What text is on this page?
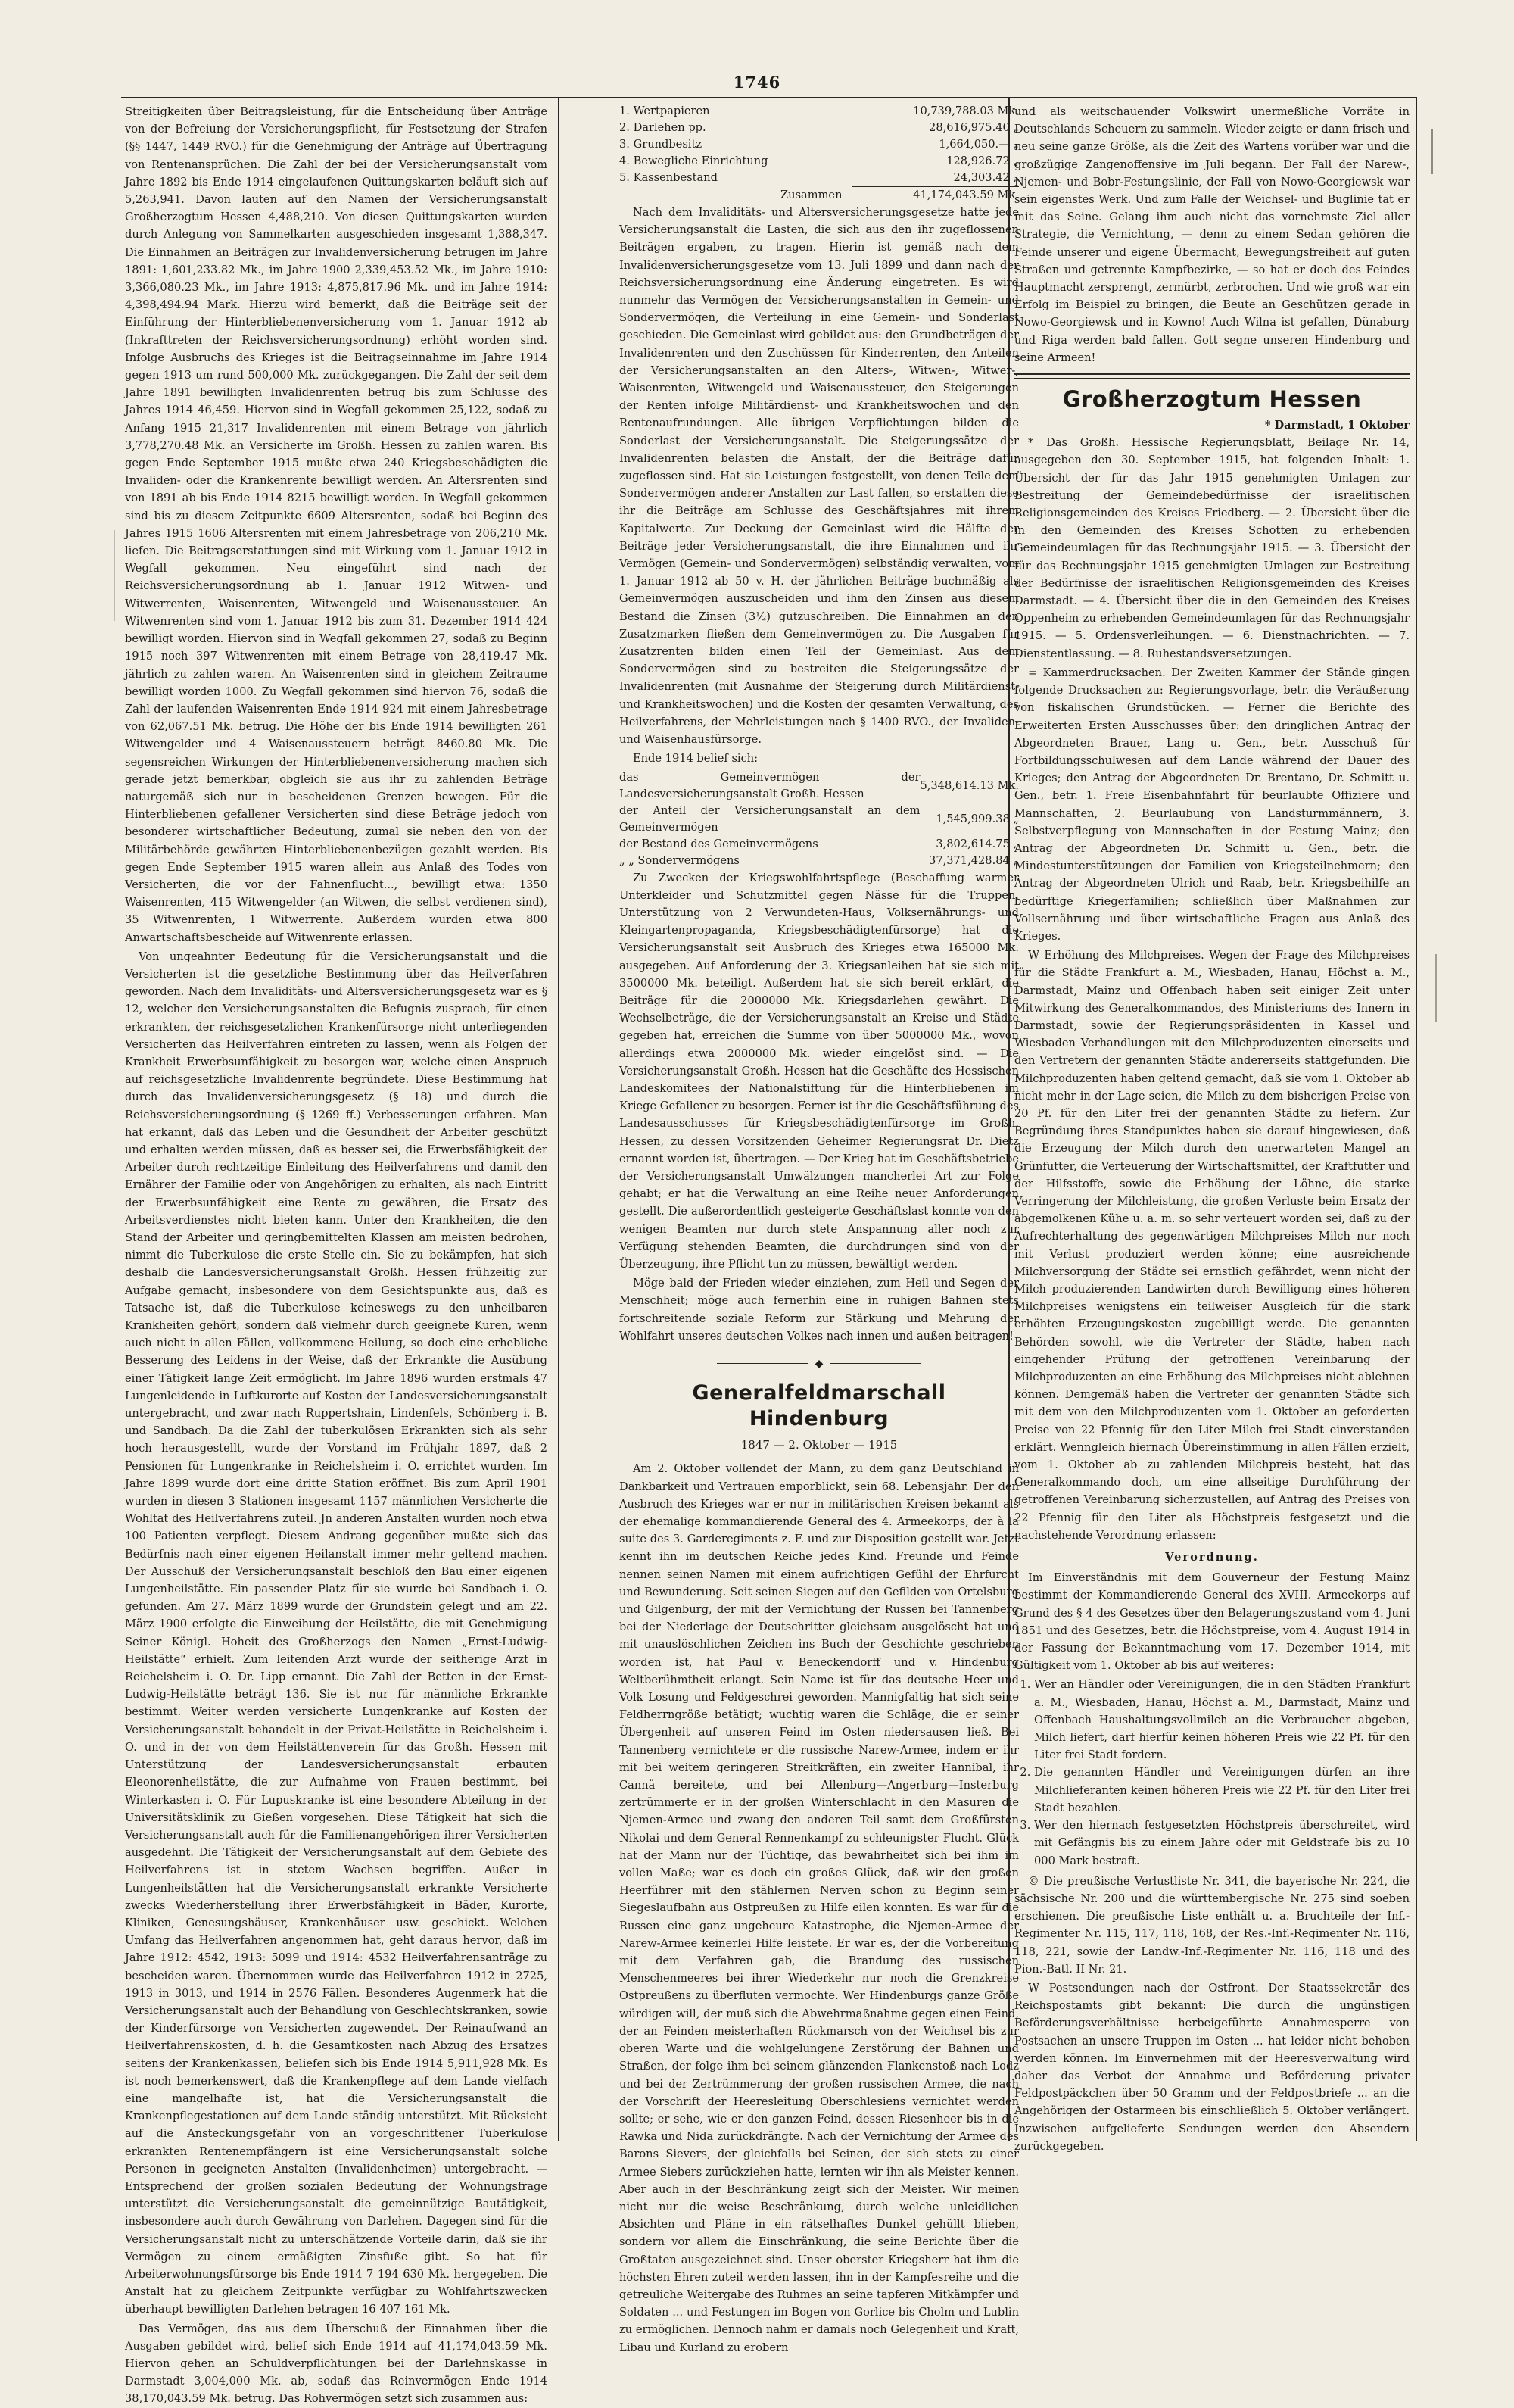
1746

Streitigkeiten über Beitragsleistung, für die Entscheidung über Anträge von der Befreiung der Versicherungspflicht, für Festsetzung der Strafen (§§ 1447, 1449 RVO.) für die Genehmigung der Anträge auf Übertragung von Rentenansprüchen. Die Zahl der bei der Versicherungsanstalt vom Jahre 1892 bis Ende 1914 eingelaufenen Quittungskarten beläuft sich auf 5,263,941. Davon lauten auf den Namen der Versicherungsanstalt Großherzogtum Hessen 4,488,210. Von diesen Quittungskarten wurden durch Anlegung von Sammelkarten ausgeschieden insgesamt 1,388,347. Die Einnahmen an Beiträgen zur Invalidenversicherung betrugen im Jahre 1891: 1,601,233.82 Mk., im Jahre 1900 2,339,453.52 Mk., im Jahre 1910: 3,366,080.23 Mk., im Jahre 1913: 4,875,817.96 Mk. und im Jahre 1914: 4,398,494.94 Mark. Hierzu wird bemerkt, daß die Beiträge seit der Einführung der Hinterbliebenenversicherung vom 1. Januar 1912 ab (Inkrafttreten der Reichsversicherungsordnung) erhöht worden sind. Infolge Ausbruchs des Krieges ist die Beitragseinnahme im Jahre 1914 gegen 1913 um rund 500,000 Mk. zurückgegangen. Die Zahl der seit dem Jahre 1891 bewilligten Invalidenrenten betrug bis zum Schlusse des Jahres 1914 46,459. Hiervon sind in Wegfall gekommen 25,122, sodaß zu Anfang 1915 21,317 Invalidenrenten mit einem Betrage von jährlich 3,778,270.48 Mk. an Versicherte im Großh. Hessen zu zahlen waren. Bis gegen Ende September 1915 mußte etwa 240 Kriegsbeschädigten die Invaliden- oder die Krankenrente bewilligt werden. An Altersrenten sind von 1891 ab bis Ende 1914 8215 bewilligt worden. In Wegfall gekommen sind bis zu diesem Zeitpunkte 6609 Altersrenten, sodaß bei Beginn des Jahres 1915 1606 Altersrenten mit einem Jahresbetrage von 206,210 Mk. liefen. Die Beitragserstattungen sind mit Wirkung vom 1. Januar 1912 in Wegfall gekommen. Neu eingeführt sind nach der Reichsversicherungsordnung ab 1. Januar 1912 Witwen- und Witwerrenten, Waisenrenten, Witwengeld und Waisenaussteuer. An Witwenrenten sind vom 1. Januar 1912 bis zum 31. Dezember 1914 424 bewilligt worden. Hiervon sind in Wegfall gekommen 27, sodaß zu Beginn 1915 noch 397 Witwenrenten mit einem Betrage von 28,419.47 Mk. jährlich zu zahlen waren. An Waisenrenten sind in gleichem Zeitraume bewilligt worden 1000. Zu Wegfall gekommen sind hiervon 76, sodaß die Zahl der laufenden Waisenrenten Ende 1914 924 mit einem Jahresbetrage von 62,067.51 Mk. betrug. Die Höhe der bis Ende 1914 bewilligten 261 Witwengelder und 4 Waisenaussteuern beträgt 8460.80 Mk. Die segensreichen Wirkungen der Hinterbliebenenversicherung machen sich gerade jetzt bemerkbar, obgleich sie aus ihr zu zahlenden Beträge naturgemäß sich nur in bescheidenen Grenzen bewegen. Für die Hinterbliebenen gefallener Versicherten sind diese Beträge jedoch von besonderer wirtschaftlicher Bedeutung, zumal sie neben den von der Militärbehörde gewährten Hinterbliebenenbezügen gezahlt werden. Bis gegen Ende September 1915 waren allein aus Anlaß des Todes von Versicherten, die vor der Fahnenflucht..., bewilligt etwa: 1350 Waisenrenten, 415 Witwengelder (an Witwen, die selbst verdienen sind), 35 Witwenrenten, 1 Witwerrente. Außerdem wurden etwa 800 Anwartschaftsbescheide auf Witwenrente erlassen.

Von ungeahnter Bedeutung für die Versicherungsanstalt und die Versicherten ist die gesetzliche Bestimmung über das Heilverfahren geworden. Nach dem Invaliditäts- und Altersversicherungsgesetz war es § 12, welcher den Versicherungsanstalten die Befugnis zusprach, für einen erkrankten, der reichsgesetzlichen Krankenfürsorge nicht unterliegenden Versicherten das Heilverfahren eintreten zu lassen, wenn als Folgen der Krankheit Erwerbsunfähigkeit zu besorgen war, welche einen Anspruch auf reichsgesetzliche Invalidenrente begründete. Diese Bestimmung hat durch das Invalidenversicherungsgesetz (§ 18) und durch die Reichsversicherungsordnung (§ 1269 ff.) Verbesserungen erfahren. Man hat erkannt, daß das Leben und die Gesundheit der Arbeiter geschützt und erhalten werden müssen, daß es besser sei, die Erwerbsfähigkeit der Arbeiter durch rechtzeitige Einleitung des Heilverfahrens und damit den Ernährer der Familie oder von Angehörigen zu erhalten, als nach Eintritt der Erwerbsunfähigkeit eine Rente zu gewähren, die Ersatz des Arbeitsverdienstes nicht bieten kann. Unter den Krankheiten, die den Stand der Arbeiter und geringbemittelten Klassen am meisten bedrohen, nimmt die Tuberkulose die erste Stelle ein. Sie zu bekämpfen, hat sich deshalb die Landesversicherungsanstalt Großh. Hessen frühzeitig zur Aufgabe gemacht, insbesondere von dem Gesichtspunkte aus, daß es Tatsache ist, daß die Tuberkulose keineswegs zu den unheilbaren Krankheiten gehört, sondern daß vielmehr durch geeignete Kuren, wenn auch nicht in allen Fällen, vollkommene Heilung, so doch eine erhebliche Besserung des Leidens in der Weise, daß der Erkrankte die Ausübung einer Tätigkeit lange Zeit ermöglicht. Im Jahre 1896 wurden erstmals 47 Lungenleidende in Luftkurorte auf Kosten der Landesversicherungsanstalt untergebracht, und zwar nach Ruppertshain, Lindenfels, Schönberg i. B. und Sandbach. Da die Zahl der tuberkulösen Erkrankten sich als sehr hoch herausgestellt, wurde der Vorstand im Frühjahr 1897, daß 2 Pensionen für Lungenkranke in Reichelsheim i. O. errichtet wurden. Im Jahre 1899 wurde dort eine dritte Station eröffnet. Bis zum April 1901 wurden in diesen 3 Stationen insgesamt 1157 männlichen Versicherte die Wohltat des Heilverfahrens zuteil. Jn anderen Anstalten wurden noch etwa 100 Patienten verpflegt. Diesem Andrang gegenüber mußte sich das Bedürfnis nach einer eigenen Heilanstalt immer mehr geltend machen. Der Ausschuß der Versicherungsanstalt beschloß den Bau einer eigenen Lungenheilstätte. Ein passender Platz für sie wurde bei Sandbach i. O. gefunden. Am 27. März 1899 wurde der Grundstein gelegt und am 22. März 1900 erfolgte die Einweihung der Heilstätte, die mit Genehmigung Seiner Königl. Hoheit des Großherzogs den Namen „Ernst-Ludwig-Heilstätte“ erhielt. Zum leitenden Arzt wurde der seitherige Arzt in Reichelsheim i. O. Dr. Lipp ernannt. Die Zahl der Betten in der Ernst-Ludwig-Heilstätte beträgt 136. Sie ist nur für männliche Erkrankte bestimmt. Weiter werden versicherte Lungenkranke auf Kosten der Versicherungsanstalt behandelt in der Privat-Heilstätte in Reichelsheim i. O. und in der von dem Heilstättenverein für das Großh. Hessen mit Unterstützung der Landesversicherungsanstalt erbauten Eleonorenheilstätte, die zur Aufnahme von Frauen bestimmt, bei Winterkasten i. O. Für Lupuskranke ist eine besondere Abteilung in der Universitätsklinik zu Gießen vorgesehen. Diese Tätigkeit hat sich die Versicherungsanstalt auch für die Familienangehörigen ihrer Versicherten ausgedehnt. Die Tätigkeit der Versicherungsanstalt auf dem Gebiete des Heilverfahrens ist in stetem Wachsen begriffen. Außer in Lungenheilstätten hat die Versicherungsanstalt erkrankte Versicherte zwecks Wiederherstellung ihrer Erwerbsfähigkeit in Bäder, Kurorte, Kliniken, Genesungshäuser, Krankenhäuser usw. geschickt. Welchen Umfang das Heilverfahren angenommen hat, geht daraus hervor, daß im Jahre 1912: 4542, 1913: 5099 und 1914: 4532 Heilverfahrensanträge zu bescheiden waren. Übernommen wurde das Heilverfahren 1912 in 2725, 1913 in 3013, und 1914 in 2576 Fällen. Besonderes Augenmerk hat die Versicherungsanstalt auch der Behandlung von Geschlechtskranken, sowie der Kinderfürsorge von Versicherten zugewendet. Der Reinaufwand an Heilverfahrenskosten, d. h. die Gesamtkosten nach Abzug des Ersatzes seitens der Krankenkassen, beliefen sich bis Ende 1914 5,911,928 Mk. Es ist noch bemerkenswert, daß die Krankenpflege auf dem Lande vielfach eine mangelhafte ist, hat die Versicherungsanstalt die Krankenpflegestationen auf dem Lande ständig unterstützt. Mit Rücksicht auf die Ansteckungsgefahr von an vorgeschrittener Tuberkulose erkrankten Rentenempfängern ist eine Versicherungsanstalt solche Personen in geeigneten Anstalten (Invalidenheimen) untergebracht. — Entsprechend der großen sozialen Bedeutung der Wohnungsfrage unterstützt die Versicherungsanstalt die gemeinnützige Bautätigkeit, insbesondere auch durch Gewährung von Darlehen. Dagegen sind für die Versicherungsanstalt nicht zu unterschätzende Vorteile darin, daß sie ihr Vermögen zu einem ermäßigten Zinsfuße gibt. So hat für Arbeiterwohnungsfürsorge bis Ende 1914 7 194 630 Mk. hergegeben. Die Anstalt hat zu gleichem Zeitpunkte verfügbar zu Wohlfahrtszwecken überhaupt bewilligten Darlehen betragen 16 407 161 Mk.

Das Vermögen, das aus dem Überschuß der Einnahmen über die Ausgaben gebildet wird, belief sich Ende 1914 auf 41,174,043.59 Mk. Hiervon gehen an Schuldverpflichtungen bei der Darlehnskasse in Darmstadt 3,004,000 Mk. ab, sodaß das Reinvermögen Ende 1914 38,170,043.59 Mk. betrug. Das Rohvermögen setzt sich zusammen aus:

1. Wertpapieren	10,739,788.03 Mk.
2. Darlehen pp.	28,616,975.40 „
3. Grundbesitz	1,664,050.— „
4. Bewegliche Einrichtung	128,926.72 „
5. Kassenbestand	24,303.42 „
Zusammen	41,174,043.59 Mk.

Nach dem Invaliditäts- und Altersversicherungsgesetze hatte jede Versicherungsanstalt die Lasten, die sich aus den ihr zugeflossenen Beiträgen ergaben, zu tragen. Hierin ist gemäß nach dem Invalidenversicherungsgesetze vom 13. Juli 1899 und dann nach der Reichsversicherungsordnung eine Änderung eingetreten. Es wird nunmehr das Vermögen der Versicherungsanstalten in Gemein- und Sondervermögen, die Verteilung in eine Gemein- und Sonderlast geschieden. Die Gemeinlast wird gebildet aus: den Grundbeträgen der Invalidenrenten und den Zuschüssen für Kinderrenten, den Anteilen der Versicherungsanstalten an den Alters-, Witwen-, Witwer-, Waisenrenten, Witwengeld und Waisenaussteuer, den Steigerungen der Renten infolge Militärdienst- und Krankheitswochen und den Rentenaufrundungen. Alle übrigen Verpflichtungen bilden die Sonderlast der Versicherungsanstalt. Die Steigerungssätze der Invalidenrenten belasten die Anstalt, der die Beiträge dafür zugeflossen sind. Hat sie Leistungen festgestellt, von denen Teile dem Sondervermögen anderer Anstalten zur Last fallen, so erstatten diese ihr die Beiträge am Schlusse des Geschäftsjahres mit ihrem Kapitalwerte. Zur Deckung der Gemeinlast wird die Hälfte der Beiträge jeder Versicherungsanstalt, die ihre Einnahmen und ihr Vermögen (Gemein- und Sondervermögen) selbständig verwalten, vom 1. Januar 1912 ab 50 v. H. der jährlichen Beiträge buchmäßig als Gemeinvermögen auszuscheiden und ihm den Zinsen aus diesem Bestand die Zinsen (3½) gutzuschreiben. Die Einnahmen an den Zusatzmarken fließen dem Gemeinvermögen zu. Die Ausgaben für Zusatzrenten bilden einen Teil der Gemeinlast. Aus dem Sondervermögen sind zu bestreiten die Steigerungssätze der Invalidenrenten (mit Ausnahme der Steigerung durch Militärdienst- und Krankheitswochen) und die Kosten der gesamten Verwaltung, des Heilverfahrens, der Mehrleistungen nach § 1400 RVO., der Invaliden- und Waisenhausfürsorge.

Ende 1914 belief sich:

das Gemeinvermögen der Landesversicherungsanstalt Großh. Hessen	5,348,614.13 Mk.
der Anteil der Versicherungsanstalt an dem Gemeinvermögen	1,545,999.38 „
der Bestand des Gemeinvermögens	3,802,614.75 „
„ „ Sondervermögens	37,371,428.84 „

Zu Zwecken der Kriegswohlfahrtspflege (Beschaffung warmer Unterkleider und Schutzmittel gegen Nässe für die Truppen, Unterstützung von 2 Verwundeten-Haus, Volksernährungs- und Kleingartenpropaganda, Kriegsbeschädigtenfürsorge) hat die Versicherungsanstalt seit Ausbruch des Krieges etwa 165000 Mk. ausgegeben. Auf Anforderung der 3. Kriegsanleihen hat sie sich mit 3500000 Mk. beteiligt. Außerdem hat sie sich bereit erklärt, die Beiträge für die 2000000 Mk. Kriegsdarlehen gewährt. Die Wechselbeträge, die der Versicherungsanstalt an Kreise und Städte gegeben hat, erreichen die Summe von über 5000000 Mk., wovon allerdings etwa 2000000 Mk. wieder eingelöst sind. — Die Versicherungsanstalt Großh. Hessen hat die Geschäfte des Hessischen Landeskomitees der Nationalstiftung für die Hinterbliebenen im Kriege Gefallener zu besorgen. Ferner ist ihr die Geschäftsführung des Landesausschusses für Kriegsbeschädigtenfürsorge im Großh. Hessen, zu dessen Vorsitzenden Geheimer Regierungsrat Dr. Dietz ernannt worden ist, übertragen. — Der Krieg hat im Geschäftsbetriebe der Versicherungsanstalt Umwälzungen mancherlei Art zur Folge gehabt; er hat die Verwaltung an eine Reihe neuer Anforderungen gestellt. Die außerordentlich gesteigerte Geschäftslast konnte von den wenigen Beamten nur durch stete Anspannung aller noch zur Verfügung stehenden Beamten, die durchdrungen sind von der Überzeugung, ihre Pflicht tun zu müssen, bewältigt werden.

Möge bald der Frieden wieder einziehen, zum Heil und Segen der Menschheit; möge auch fernerhin eine in ruhigen Bahnen stets fortschreitende soziale Reform zur Stärkung und Mehrung der Wohlfahrt unseres deutschen Volkes nach innen und außen beitragen!

◆
Generalfeldmarschall Hindenburg
1847 — 2. Oktober — 1915

Am 2. Oktober vollendet der Mann, zu dem ganz Deutschland in Dankbarkeit und Vertrauen emporblickt, sein 68. Lebensjahr. Der den Ausbruch des Krieges war er nur in militärischen Kreisen bekannt als der ehemalige kommandierende General des 4. Armeekorps, der à la suite des 3. Garderegiments z. F. und zur Disposition gestellt war. Jetzt kennt ihn im deutschen Reiche jedes Kind. Freunde und Feinde nennen seinen Namen mit einem aufrichtigen Gefühl der Ehrfurcht und Bewunderung. Seit seinen Siegen auf den Gefilden von Ortelsburg und Gilgenburg, der mit der Vernichtung der Russen bei Tannenberg bei der Niederlage der Deutschritter gleichsam ausgelöscht hat und mit unauslöschlichen Zeichen ins Buch der Geschichte geschrieben worden ist, hat Paul v. Beneckendorff und v. Hindenburg Weltberühmtheit erlangt. Sein Name ist für das deutsche Heer und Volk Losung und Feldgeschrei geworden. Mannigfaltig hat sich seine Feldherrngröße betätigt; wuchtig waren die Schläge, die er seiner Übergenheit auf unseren Feind im Osten niedersausen ließ. Bei Tannenberg vernichtete er die russische Narew-Armee, indem er ihr mit bei weitem geringeren Streitkräften, ein zweiter Hannibal, ihr Cannä bereitete, und bei Allenburg—Angerburg—Insterburg zertrümmerte er in der großen Winterschlacht in den Masuren die Njemen-Armee und zwang den anderen Teil samt dem Großfürsten Nikolai und dem General Rennenkampf zu schleunigster Flucht. Glück hat der Mann nur der Tüchtige, das bewahrheitet sich bei ihm im vollen Maße; war es doch ein großes Glück, daß wir den großen Heerführer mit den stählernen Nerven schon zu Beginn seiner Siegeslaufbahn aus Ostpreußen zu Hilfe eilen konnten. Es war für die Russen eine ganz ungeheure Katastrophe, die Njemen-Armee der Narew-Armee keinerlei Hilfe leistete. Er war es, der die Vorbereitung mit dem Verfahren gab, die Brandung des russischen Menschenmeeres bei ihrer Wiederkehr nur noch die Grenzkreise Ostpreußens zu überfluten vermochte. Wer Hindenburgs ganze Größe würdigen will, der muß sich die Abwehrmaßnahme gegen einen Feind, der an Feinden meisterhaften Rückmarsch von der Weichsel bis zur oberen Warte und die wohlgelungene Zerstörung der Bahnen und Straßen, der folge ihm bei seinem glänzenden Flankenstoß nach Lodz und bei der Zertrümmerung der großen russischen Armee, die nach der Vorschrift der Heeresleitung Oberschlesiens vernichtet werden sollte; er sehe, wie er den ganzen Feind, dessen Riesenheer bis in die Rawka und Nida zurückdrängte. Nach der Vernichtung der Armee des Barons Sievers, der gleichfalls bei Seinen, der sich stets zu einer Armee Siebers zurückziehen hatte, lernten wir ihn als Meister kennen. Aber auch in der Beschränkung zeigt sich der Meister. Wir meinen nicht nur die weise Beschränkung, durch welche unleidlichen Absichten und Pläne in ein rätselhaftes Dunkel gehüllt blieben, sondern vor allem die Einschränkung, die seine Berichte über die Großtaten ausgezeichnet sind. Unser oberster Kriegsherr hat ihm die höchsten Ehren zuteil werden lassen, ihn in der Kampfesreihe und die getreuliche Weitergabe des Ruhmes an seine tapferen Mitkämpfer und Soldaten ... und Festungen im Bogen von Gorlice bis Cholm und Lublin zu ermöglichen. Dennoch nahm er damals noch Gelegenheit und Kraft, Libau und Kurland zu erobern

und als weitschauender Volkswirt unermeßliche Vorräte in Deutschlands Scheuern zu sammeln. Wieder zeigte er dann frisch und neu seine ganze Größe, als die Zeit des Wartens vorüber war und die großzügige Zangenoffensive im Juli begann. Der Fall der Narew-, Njemen- und Bobr-Festungslinie, der Fall von Nowo-Georgiewsk war sein eigenstes Werk. Und zum Falle der Weichsel- und Buglinie tat er mit das Seine. Gelang ihm auch nicht das vornehmste Ziel aller Strategie, die Vernichtung, — denn zu einem Sedan gehören die Feinde unserer und eigene Übermacht, Bewegungsfreiheit auf guten Straßen und getrennte Kampfbezirke, — so hat er doch des Feindes Hauptmacht zersprengt, zermürbt, zerbrochen. Und wie groß war ein Erfolg im Beispiel zu bringen, die Beute an Geschützen gerade in Nowo-Georgiewsk und in Kowno! Auch Wilna ist gefallen, Dünaburg und Riga werden bald fallen. Gott segne unseren Hindenburg und seine Armeen!

Großherzogtum Hessen
* Darmstadt, 1 Oktober

* Das Großh. Hessische Regierungsblatt, Beilage Nr. 14, ausgegeben den 30. September 1915, hat folgenden Inhalt: 1. Übersicht der für das Jahr 1915 genehmigten Umlagen zur Bestreitung der Gemeindebedürfnisse der israelitischen Religionsgemeinden des Kreises Friedberg. — 2. Übersicht über die in den Gemeinden des Kreises Schotten zu erhebenden Gemeindeumlagen für das Rechnungsjahr 1915. — 3. Übersicht der für das Rechnungsjahr 1915 genehmigten Umlagen zur Bestreitung der Bedürfnisse der israelitischen Religionsgemeinden des Kreises Darmstadt. — 4. Übersicht über die in den Gemeinden des Kreises Oppenheim zu erhebenden Gemeindeumlagen für das Rechnungsjahr 1915. — 5. Ordensverleihungen. — 6. Dienstnachrichten. — 7. Dienstentlassung. — 8. Ruhestandsversetzungen.

= Kammerdrucksachen. Der Zweiten Kammer der Stände gingen folgende Drucksachen zu: Regierungsvorlage, betr. die Veräußerung von fiskalischen Grundstücken. — Ferner die Berichte des Erweiterten Ersten Ausschusses über: den dringlichen Antrag der Abgeordneten Brauer, Lang u. Gen., betr. Ausschuß für Fortbildungsschulwesen auf dem Lande während der Dauer des Krieges; den Antrag der Abgeordneten Dr. Brentano, Dr. Schmitt u. Gen., betr. 1. Freie Eisenbahnfahrt für beurlaubte Offiziere und Mannschaften, 2. Beurlaubung von Landsturmmännern, 3. Selbstverpflegung von Mannschaften in der Festung Mainz; den Antrag der Abgeordneten Dr. Schmitt u. Gen., betr. die Mindestunterstützungen der Familien von Kriegsteilnehmern; den Antrag der Abgeordneten Ulrich und Raab, betr. Kriegsbeihilfe an bedürftige Kriegerfamilien; schließlich über Maßnahmen zur Vollsernährung und über wirtschaftliche Fragen aus Anlaß des Krieges.

W Erhöhung des Milchpreises. Wegen der Frage des Milchpreises für die Städte Frankfurt a. M., Wiesbaden, Hanau, Höchst a. M., Darmstadt, Mainz und Offenbach haben seit einiger Zeit unter Mitwirkung des Generalkommandos, des Ministeriums des Innern in Darmstadt, sowie der Regierungspräsidenten in Kassel und Wiesbaden Verhandlungen mit den Milchproduzenten einerseits und den Vertretern der genannten Städte andererseits stattgefunden. Die Milchproduzenten haben geltend gemacht, daß sie vom 1. Oktober ab nicht mehr in der Lage seien, die Milch zu dem bisherigen Preise von 20 Pf. für den Liter frei der genannten Städte zu liefern. Zur Begründung ihres Standpunktes haben sie darauf hingewiesen, daß die Erzeugung der Milch durch den unerwarteten Mangel an Grünfutter, die Verteuerung der Wirtschaftsmittel, der Kraftfutter und der Hilfsstoffe, sowie die Erhöhung der Löhne, die starke Verringerung der Milchleistung, die großen Verluste beim Ersatz der abgemolkenen Kühe u. a. m. so sehr verteuert worden sei, daß zu der Aufrechterhaltung des gegenwärtigen Milchpreises Milch nur noch mit Verlust produziert werden könne; eine ausreichende Milchversorgung der Städte sei ernstlich gefährdet, wenn nicht der Milch produzierenden Landwirten durch Bewilligung eines höheren Milchpreises wenigstens ein teilweiser Ausgleich für die stark erhöhten Erzeugungskosten zugebilligt werde. Die genannten Behörden sowohl, wie die Vertreter der Städte, haben nach eingehender Prüfung der getroffenen Vereinbarung der Milchproduzenten an eine Erhöhung des Milchpreises nicht ablehnen können. Demgemäß haben die Vertreter der genannten Städte sich mit dem von den Milchproduzenten vom 1. Oktober an geforderten Preise von 22 Pfennig für den Liter Milch frei Stadt einverstanden erklärt. Wenngleich hiernach Übereinstimmung in allen Fällen erzielt, vom 1. Oktober ab zu zahlenden Milchpreis besteht, hat das Generalkommando doch, um eine allseitige Durchführung der getroffenen Vereinbarung sicherzustellen, auf Antrag des Preises von 22 Pfennig für den Liter als Höchstpreis festgesetzt und die nachstehende Verordnung erlassen:

Verordnung.

Im Einverständnis mit dem Gouverneur der Festung Mainz bestimmt der Kommandierende General des XVIII. Armeekorps auf Grund des § 4 des Gesetzes über den Belagerungszustand vom 4. Juni 1851 und des Gesetzes, betr. die Höchstpreise, vom 4. August 1914 in der Fassung der Bekanntmachung vom 17. Dezember 1914, mit Gültigkeit vom 1. Oktober ab bis auf weiteres:

1. Wer an Händler oder Vereinigungen, die in den Städten Frankfurt a. M., Wiesbaden, Hanau, Höchst a. M., Darmstadt, Mainz und Offenbach Haushaltungsvollmilch an die Verbraucher abgeben, Milch liefert, darf hierfür keinen höheren Preis wie 22 Pf. für den Liter frei Stadt fordern.
2. Die genannten Händler und Vereinigungen dürfen an ihre Milchlieferanten keinen höheren Preis wie 22 Pf. für den Liter frei Stadt bezahlen.
3. Wer den hiernach festgesetzten Höchstpreis überschreitet, wird mit Gefängnis bis zu einem Jahre oder mit Geldstrafe bis zu 10 000 Mark bestraft.

© Die preußische Verlustliste Nr. 341, die bayerische Nr. 224, die sächsische Nr. 200 und die württembergische Nr. 275 sind soeben erschienen. Die preußische Liste enthält u. a. Bruchteile der Inf.-Regimenter Nr. 115, 117, 118, 168, der Res.-Inf.-Regimenter Nr. 116, 118, 221, sowie der Landw.-Inf.-Regimenter Nr. 116, 118 und des Pion.-Batl. II Nr. 21.

W Postsendungen nach der Ostfront. Der Staatssekretär des Reichspostamts gibt bekannt: Die durch die ungünstigen Beförderungsverhältnisse herbeigeführte Annahmesperre von Postsachen an unsere Truppen im Osten ... hat leider nicht behoben werden können. Im Einvernehmen mit der Heeresverwaltung wird daher das Verbot der Annahme und Beförderung privater Feldpostpäckchen über 50 Gramm und der Feldpostbriefe ... an die Angehörigen der Ostarmeen bis einschließlich 5. Oktober verlängert. Inzwischen aufgelieferte Sendungen werden den Absendern zurückgegeben.
